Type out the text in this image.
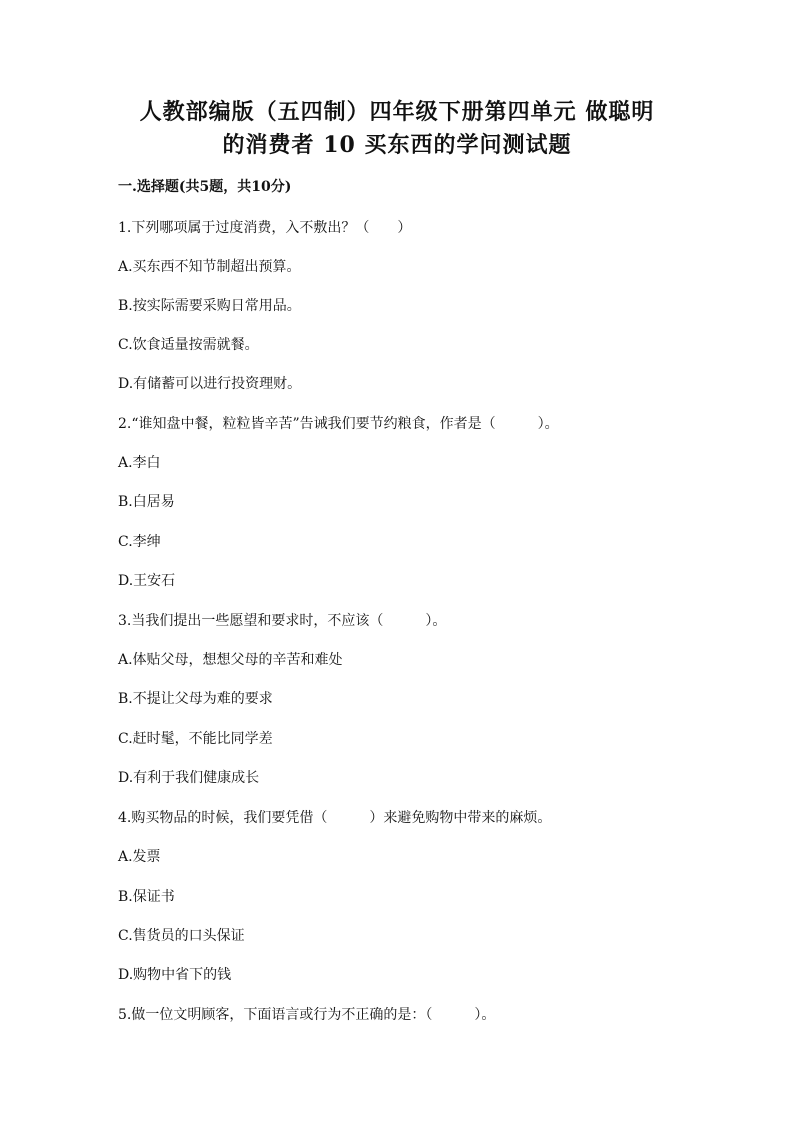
人教部编版（五四制）四年级下册第四单元 做聪明
的消费者 10 买东西的学问测试题
一.选择题(共5题，共10分)
1.下列哪项属于过度消费，入不敷出？（　　）
A.买东西不知节制超出预算。
B.按实际需要采购日常用品。
C.饮食适量按需就餐。
D.有储蓄可以进行投资理财。
2.“谁知盘中餐，粒粒皆辛苦”告诫我们要节约粮食，作者是（　　　）。
A.李白
B.白居易
C.李绅
D.王安石
3.当我们提出一些愿望和要求时，不应该（　　　）。
A.体贴父母，想想父母的辛苦和难处
B.不提让父母为难的要求
C.赶时髦，不能比同学差
D.有利于我们健康成长
4.购买物品的时候，我们要凭借（　　　）来避免购物中带来的麻烦。
A.发票
B.保证书
C.售货员的口头保证
D.购物中省下的钱
5.做一位文明顾客，下面语言或行为不正确的是：（　　　）。
